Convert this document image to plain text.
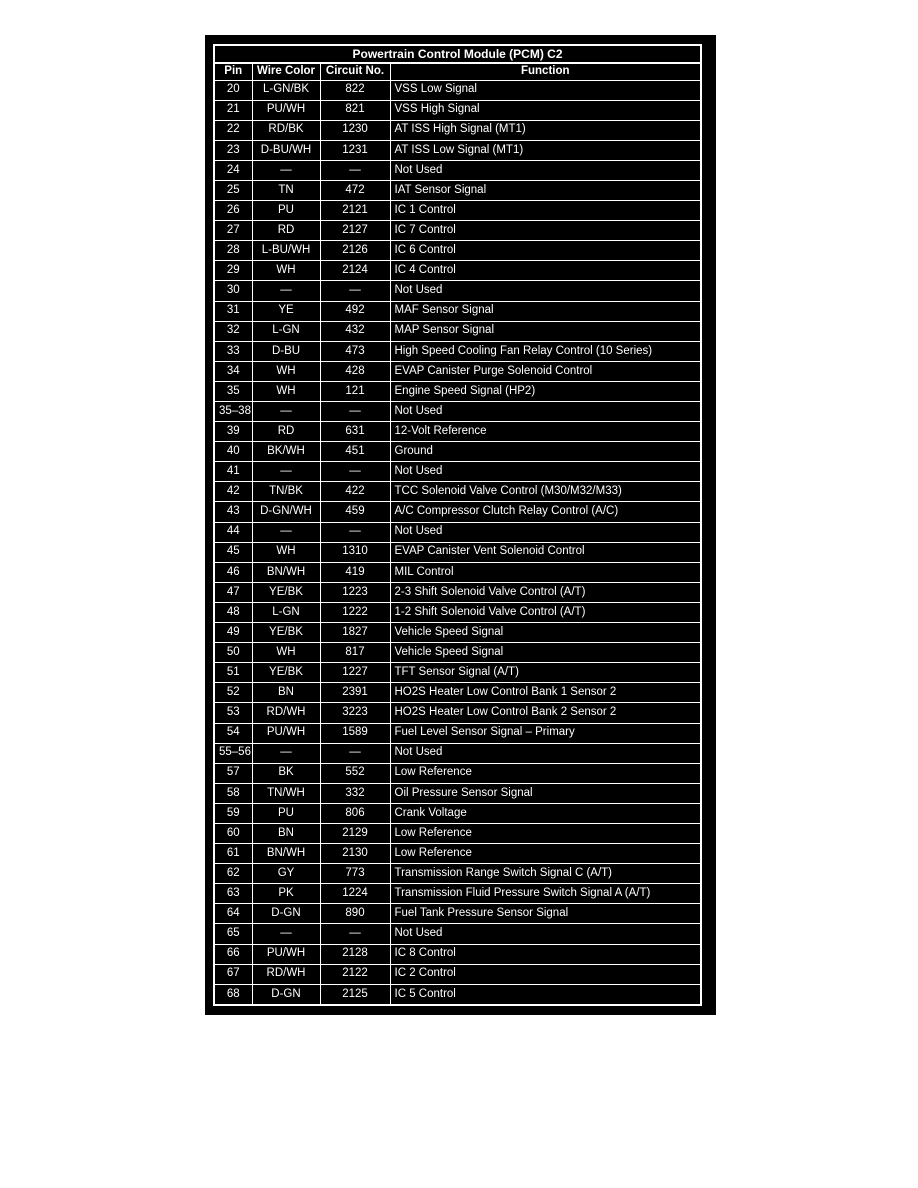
Powertrain Control Module (PCM) C2			
Pin	Wire Color	Circuit No.	Function
20	L-GN/BK	822	VSS Low Signal
21	PU/WH	821	VSS High Signal
22	RD/BK	1230	AT ISS High Signal (MT1)
23	D-BU/WH	1231	AT ISS Low Signal (MT1)
24	—	—	Not Used
25	TN	472	IAT Sensor Signal
26	PU	2121	IC 1 Control
27	RD	2127	IC 7 Control
28	L-BU/WH	2126	IC 6 Control
29	WH	2124	IC 4 Control
30	—	—	Not Used
31	YE	492	MAF Sensor Signal
32	L-GN	432	MAP Sensor Signal
33	D-BU	473	High Speed Cooling Fan Relay Control (10 Series)
34	WH	428	EVAP Canister Purge Solenoid Control
35	WH	121	Engine Speed Signal (HP2)
35–38	—	—	Not Used
39	RD	631	12-Volt Reference
40	BK/WH	451	Ground
41	—	—	Not Used
42	TN/BK	422	TCC Solenoid Valve Control (M30/M32/M33)
43	D-GN/WH	459	A/C Compressor Clutch Relay Control (A/C)
44	—	—	Not Used
45	WH	1310	EVAP Canister Vent Solenoid Control
46	BN/WH	419	MIL Control
47	YE/BK	1223	2-3 Shift Solenoid Valve Control (A/T)
48	L-GN	1222	1-2 Shift Solenoid Valve Control (A/T)
49	YE/BK	1827	Vehicle Speed Signal
50	WH	817	Vehicle Speed Signal
51	YE/BK	1227	TFT Sensor Signal (A/T)
52	BN	2391	HO2S Heater Low Control Bank 1 Sensor 2
53	RD/WH	3223	HO2S Heater Low Control Bank 2 Sensor 2
54	PU/WH	1589	Fuel Level Sensor Signal – Primary
55–56	—	—	Not Used
57	BK	552	Low Reference
58	TN/WH	332	Oil Pressure Sensor Signal
59	PU	806	Crank Voltage
60	BN	2129	Low Reference
61	BN/WH	2130	Low Reference
62	GY	773	Transmission Range Switch Signal C (A/T)
63	PK	1224	Transmission Fluid Pressure Switch Signal A (A/T)
64	D-GN	890	Fuel Tank Pressure Sensor Signal
65	—	—	Not Used
66	PU/WH	2128	IC 8 Control
67	RD/WH	2122	IC 2 Control
68	D-GN	2125	IC 5 Control
